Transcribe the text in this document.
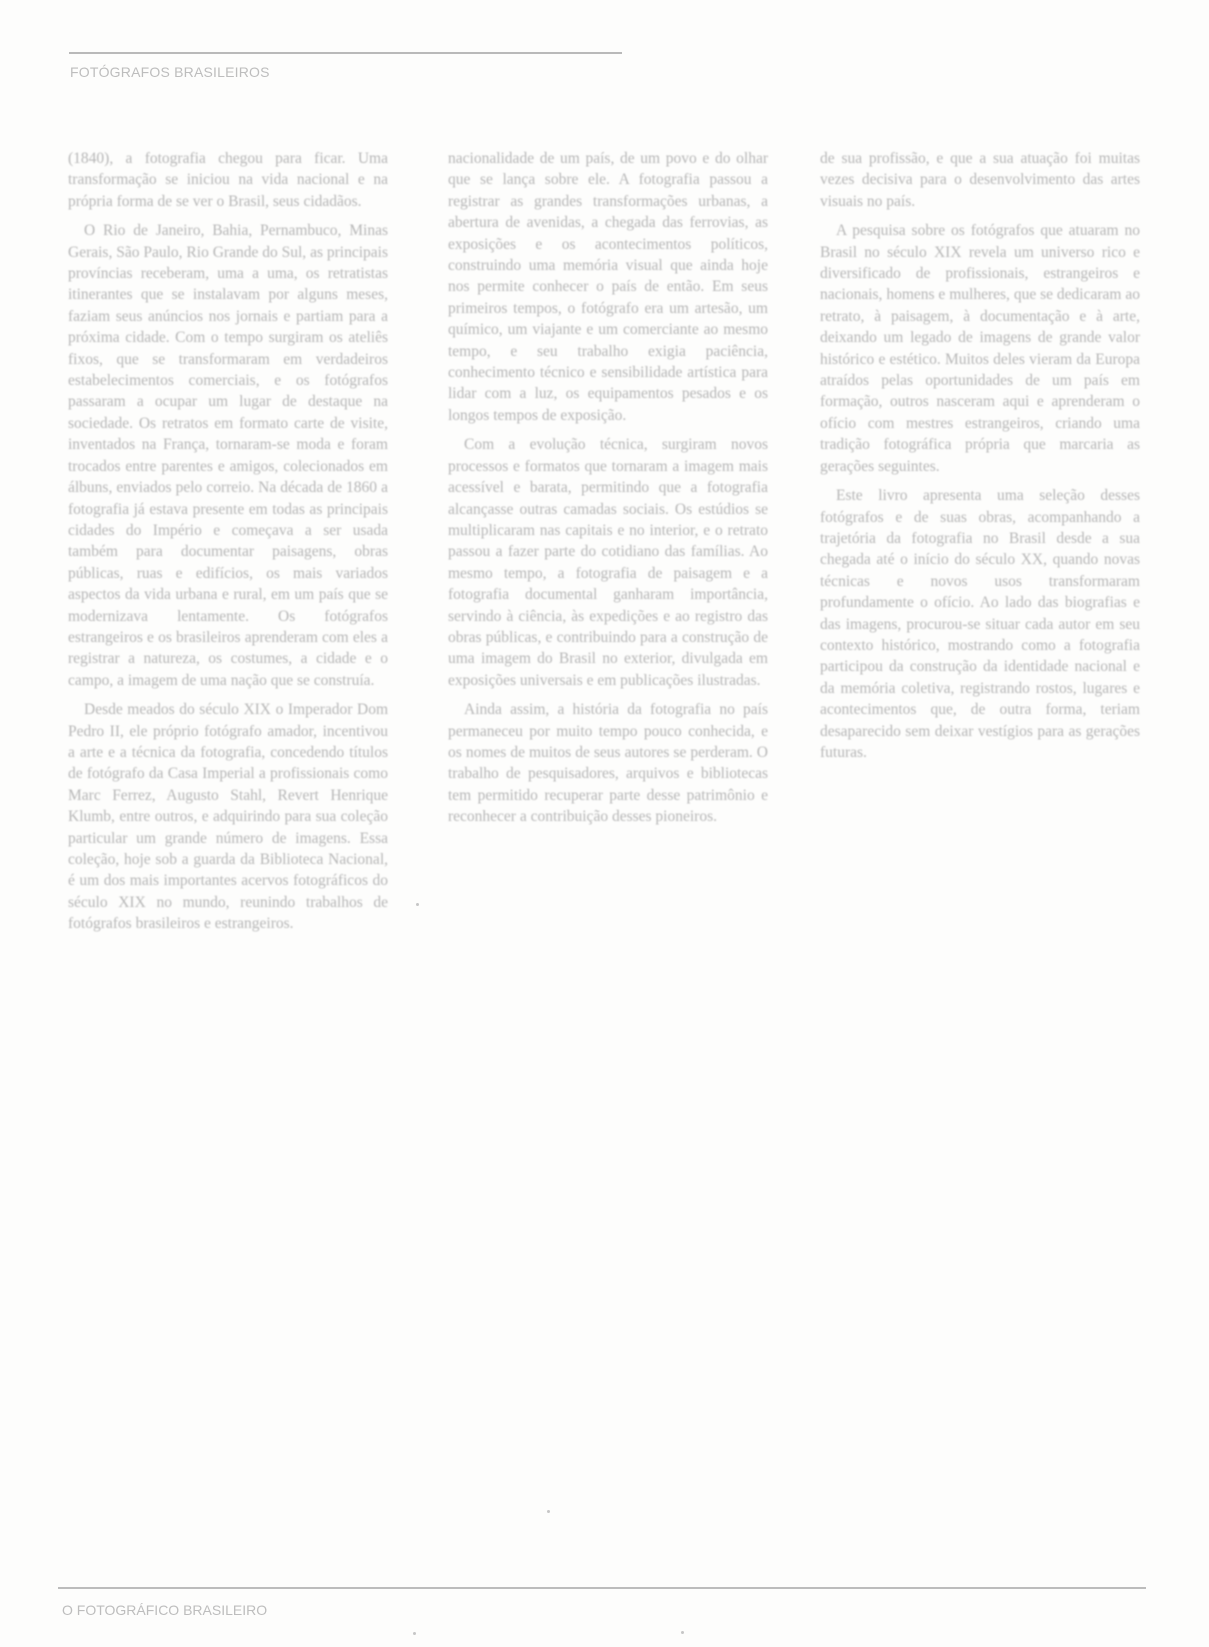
FOTÓGRAFOS BRASILEIROS

(1840), a fotografia chegou para ficar. Uma transformação se iniciou na vida nacional e na própria forma de se ver o Brasil, seus cidadãos.

O Rio de Janeiro, Bahia, Pernambuco, Minas Gerais, São Paulo, Rio Grande do Sul, as principais províncias receberam, uma a uma, os retratistas itinerantes que se instalavam por alguns meses, faziam seus anúncios nos jornais e partiam para a próxima cidade. Com o tempo surgiram os ateliês fixos, que se transformaram em verdadeiros estabelecimentos comerciais, e os fotógrafos passaram a ocupar um lugar de destaque na sociedade. Os retratos em formato carte de visite, inventados na França, tornaram-se moda e foram trocados entre parentes e amigos, colecionados em álbuns, enviados pelo correio. Na década de 1860 a fotografia já estava presente em todas as principais cidades do Império e começava a ser usada também para documentar paisagens, obras públicas, ruas e edifícios, os mais variados aspectos da vida urbana e rural, em um país que se modernizava lentamente. Os fotógrafos estrangeiros e os brasileiros aprenderam com eles a registrar a natureza, os costumes, a cidade e o campo, a imagem de uma nação que se construía.

Desde meados do século XIX o Imperador Dom Pedro II, ele próprio fotógrafo amador, incentivou a arte e a técnica da fotografia, concedendo títulos de fotógrafo da Casa Imperial a profissionais como Marc Ferrez, Augusto Stahl, Revert Henrique Klumb, entre outros, e adquirindo para sua coleção particular um grande número de imagens. Essa coleção, hoje sob a guarda da Biblioteca Nacional, é um dos mais importantes acervos fotográficos do século XIX no mundo, reunindo trabalhos de fotógrafos brasileiros e estrangeiros.

nacionalidade de um país, de um povo e do olhar que se lança sobre ele. A fotografia passou a registrar as grandes transformações urbanas, a abertura de avenidas, a chegada das ferrovias, as exposições e os acontecimentos políticos, construindo uma memória visual que ainda hoje nos permite conhecer o país de então. Em seus primeiros tempos, o fotógrafo era um artesão, um químico, um viajante e um comerciante ao mesmo tempo, e seu trabalho exigia paciência, conhecimento técnico e sensibilidade artística para lidar com a luz, os equipamentos pesados e os longos tempos de exposição.

Com a evolução técnica, surgiram novos processos e formatos que tornaram a imagem mais acessível e barata, permitindo que a fotografia alcançasse outras camadas sociais. Os estúdios se multiplicaram nas capitais e no interior, e o retrato passou a fazer parte do cotidiano das famílias. Ao mesmo tempo, a fotografia de paisagem e a fotografia documental ganharam importância, servindo à ciência, às expedições e ao registro das obras públicas, e contribuindo para a construção de uma imagem do Brasil no exterior, divulgada em exposições universais e em publicações ilustradas.

Ainda assim, a história da fotografia no país permaneceu por muito tempo pouco conhecida, e os nomes de muitos de seus autores se perderam. O trabalho de pesquisadores, arquivos e bibliotecas tem permitido recuperar parte desse patrimônio e reconhecer a contribuição desses pioneiros.

de sua profissão, e que a sua atuação foi muitas vezes decisiva para o desenvolvimento das artes visuais no país.

A pesquisa sobre os fotógrafos que atuaram no Brasil no século XIX revela um universo rico e diversificado de profissionais, estrangeiros e nacionais, homens e mulheres, que se dedicaram ao retrato, à paisagem, à documentação e à arte, deixando um legado de imagens de grande valor histórico e estético. Muitos deles vieram da Europa atraídos pelas oportunidades de um país em formação, outros nasceram aqui e aprenderam o ofício com mestres estrangeiros, criando uma tradição fotográfica própria que marcaria as gerações seguintes.

Este livro apresenta uma seleção desses fotógrafos e de suas obras, acompanhando a trajetória da fotografia no Brasil desde a sua chegada até o início do século XX, quando novas técnicas e novos usos transformaram profundamente o ofício. Ao lado das biografias e das imagens, procurou-se situar cada autor em seu contexto histórico, mostrando como a fotografia participou da construção da identidade nacional e da memória coletiva, registrando rostos, lugares e acontecimentos que, de outra forma, teriam desaparecido sem deixar vestígios para as gerações futuras.

O FOTOGRÁFICO BRASILEIRO
